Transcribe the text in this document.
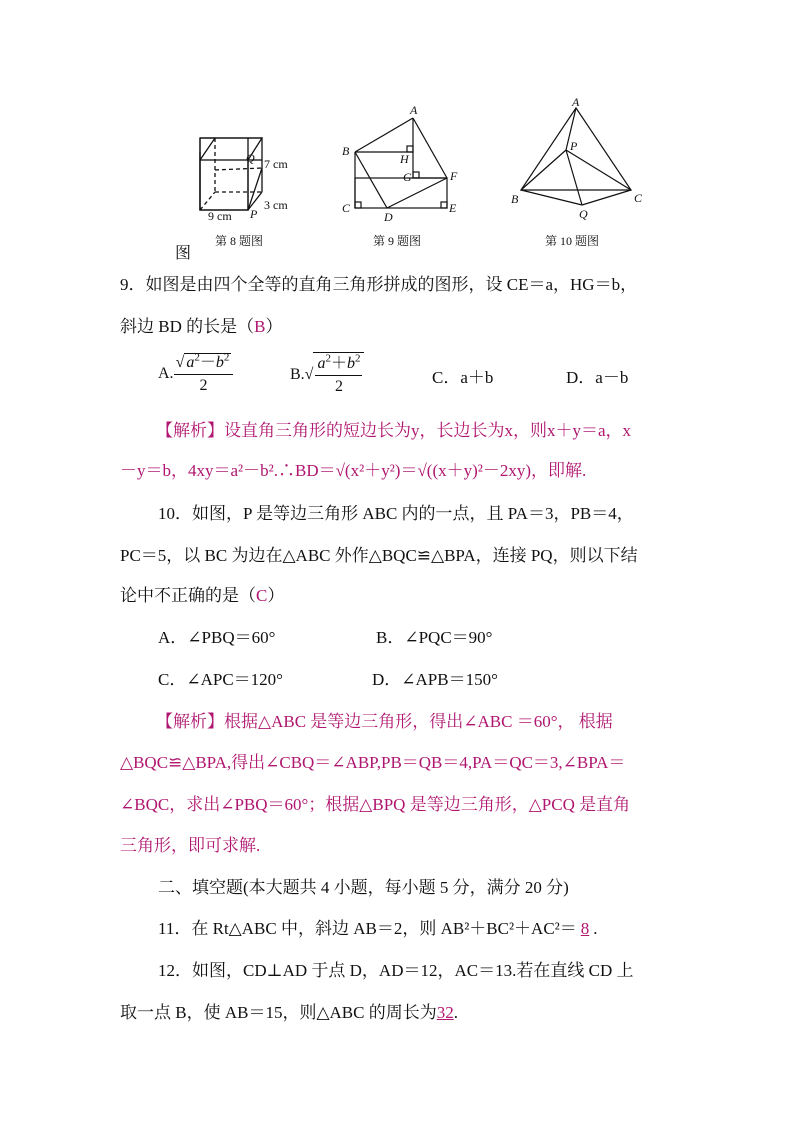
Q 7 cm
3 cm
P
9 cm
第 8 题图
图
A
B
H
G	F
C
D
E
第 9 题图
A
P
B	C
Q
第 10 题图
9．如图是由四个全等的直角三角形拼成的图形，设 CE＝a，HG＝b，
斜边 BD 的长是（B）
A. $\frac{√ a^2-b^2}{2}$	$B.√ \frac{a^2+b^2}{2}$	C．a＋b	D．a－b
【解析】设直角三角形的短边长为y，长边长为x，则x＋y＝a，x
－y＝b，4xy＝a²－b².∴BD＝√(x²＋y²)＝√((x＋y)²－2xy)，即解.
10．如图，P 是等边三角形 ABC 内的一点，且 PA＝3，PB＝4，
PC＝5，以 BC 为边在△ABC 外作△BQC≌△BPA，连接 PQ，则以下结
论中不正确的是（C）
A．∠PBQ＝60°	B．∠PQC＝90°
C．∠APC＝120°	D．∠APB＝150°
【解析】根据△ABC 是等边三角形，得出∠ABC ＝60°， 根据
△BQC≌△BPA,得出∠CBQ＝∠ABP,PB＝QB＝4,PA＝QC＝3,∠BPA＝
∠BQC，求出∠PBQ＝60°；根据△BPQ 是等边三角形，△PCQ 是直角
三角形，即可求解.
二、填空题(本大题共 4 小题，每小题 5 分，满分 20 分)
11．在 Rt△ABC 中，斜边 AB＝2，则 AB²＋BC²＋AC²＝ 8 .
12．如图，CD⊥AD 于点 D，AD＝12，AC＝13.若在直线 CD 上
取一点 B，使 AB＝15，则△ABC 的周长为32.
